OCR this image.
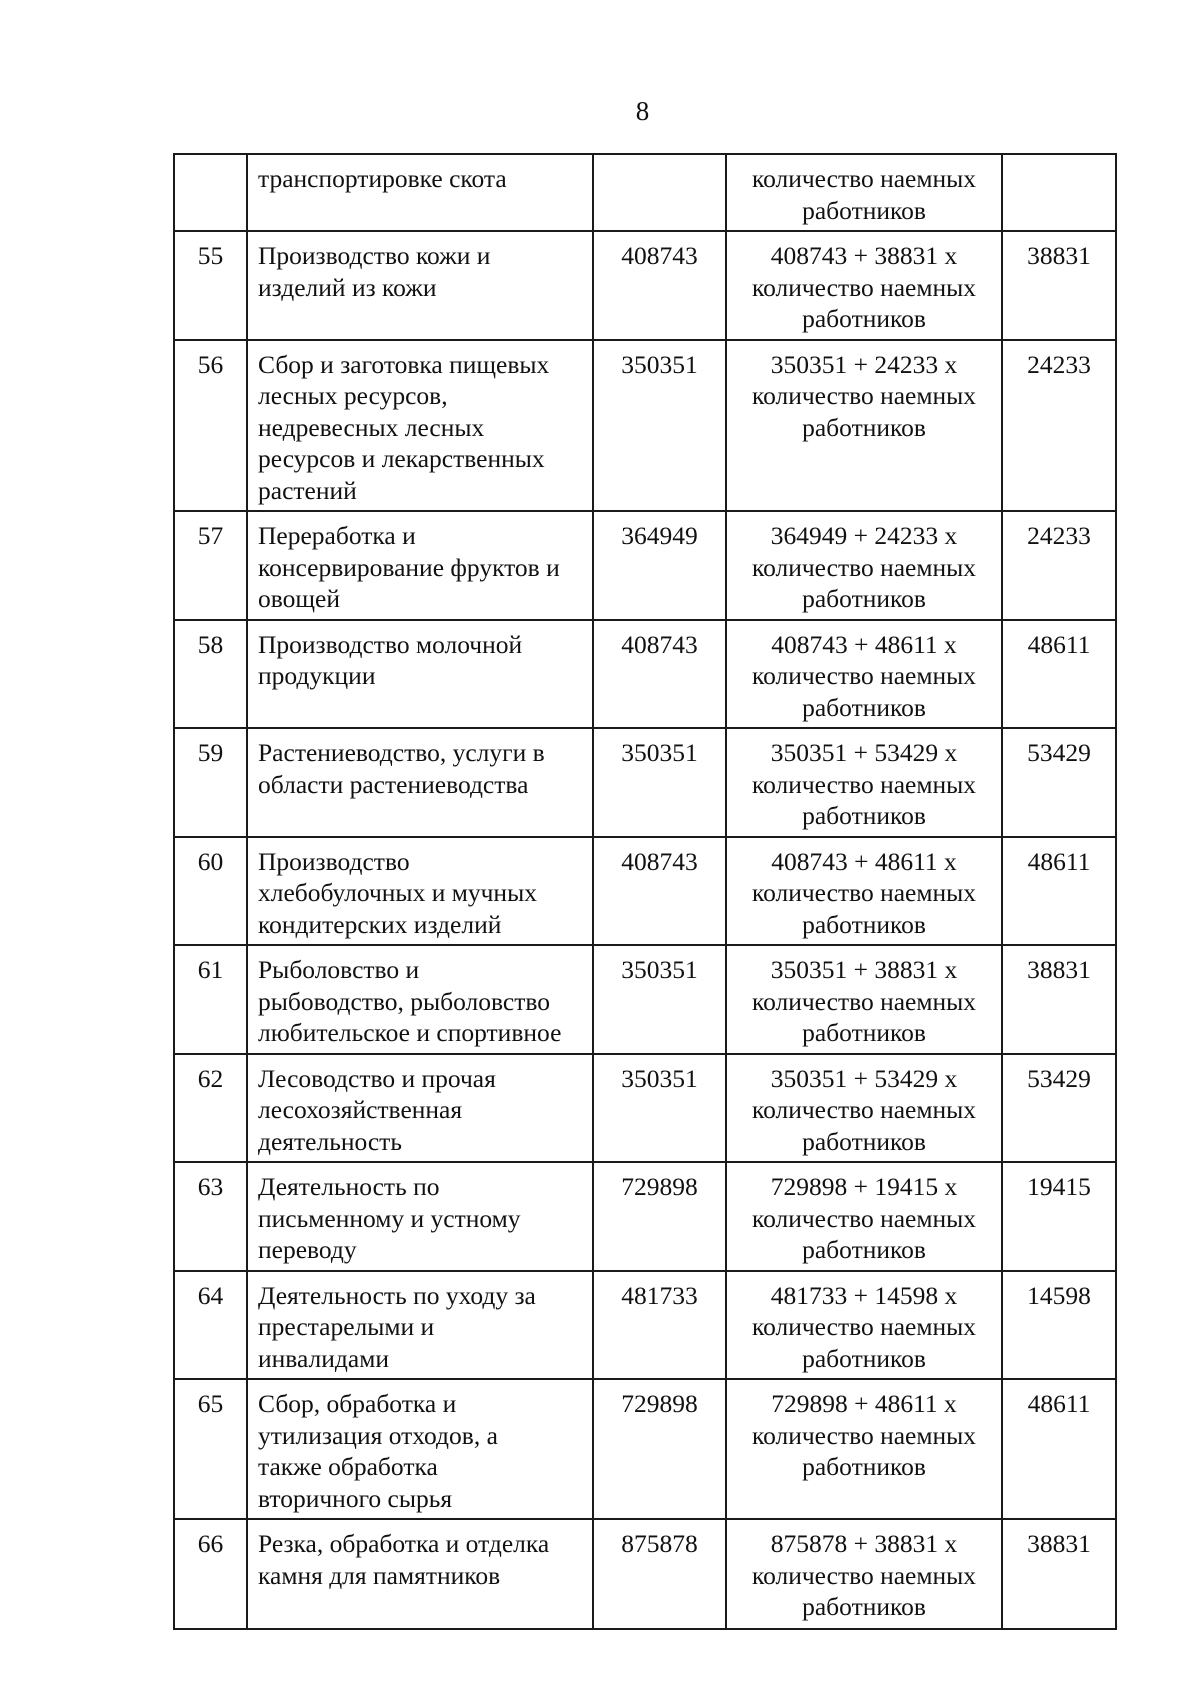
8

	транспортировке скота		количество наемных
работников	

55	Производство кожи и
изделий из кожи	408743	408743 + 38831 x
количество наемных
работников	38831
56	Сбор и заготовка пищевых
лесных ресурсов,
недревесных лесных
ресурсов и лекарственных
растений	350351	350351 + 24233 x
количество наемных
работников	24233
57	Переработка и
консервирование фруктов и
овощей	364949	364949 + 24233 x
количество наемных
работников	24233
58	Производство молочной
продукции	408743	408743 + 48611 x
количество наемных
работников	48611
59	Растениеводство, услуги в
области растениеводства	350351	350351 + 53429 x
количество наемных
работников	53429
60	Производство
хлебобулочных и мучных
кондитерских изделий	408743	408743 + 48611 x
количество наемных
работников	48611
61	Рыболовство и
рыбоводство, рыболовство
любительское и спортивное	350351	350351 + 38831 x
количество наемных
работников	38831
62	Лесоводство и прочая
лесохозяйственная
деятельность	350351	350351 + 53429 x
количество наемных
работников	53429
63	Деятельность по
письменному и устному
переводу	729898	729898 + 19415 x
количество наемных
работников	19415
64	Деятельность по уходу за
престарелыми и
инвалидами	481733	481733 + 14598 x
количество наемных
работников	14598
65	Сбор, обработка и
утилизация отходов, а
также обработка
вторичного сырья	729898	729898 + 48611 x
количество наемных
работников	48611
66	Резка, обработка и отделка
камня для памятников	875878	875878 + 38831 x
количество наемных
работников	38831
